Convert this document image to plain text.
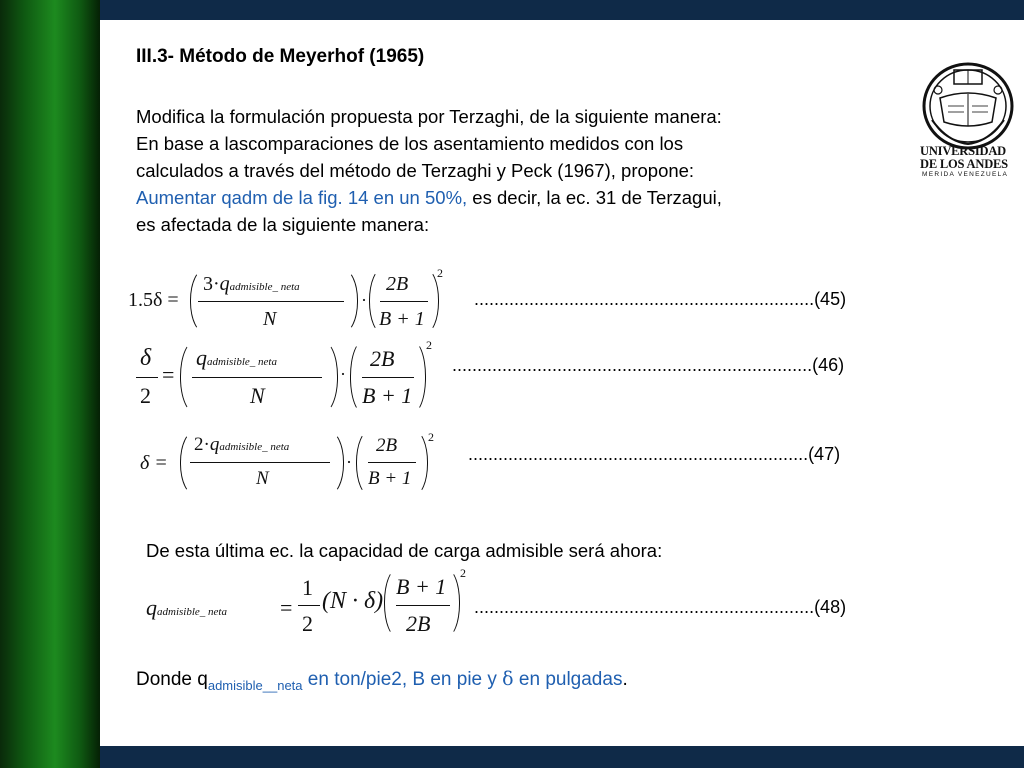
III.3- Método de Meyerhof (1965)
Modifica la formulación propuesta por Terzaghi, de la siguiente manera:
En base a lascomparaciones de los asentamiento medidos con los
calculados a través del método de Terzaghi y Peck (1967), propone:
Aumentar qadm de la fig. 14 en un 50%, es decir, la ec. 31 de Terzagui,
es afectada de la siguiente manera:
UNIVERSIDAD
DE LOS ANDES
MERIDA VENEZUELA
1.5δ =
3·qadmisible_ neta
N
·
2B
B + 1
2
....................................................................(45)
δ
2
=
qadmisible_ neta
N
·
2B
B + 1
2
........................................................................(46)
δ =
2·qadmisible_ neta
N
·
2B
B + 1
2
....................................................................(47)
De esta última ec. la capacidad de carga admisible será ahora:
qadmisible_ neta =
1
2
(N · δ)
B + 1
2B
2
....................................................................(48)
Donde $q_{admisible\_\_neta}$ en ton/pie2, B en pie y δ en pulgadas.
